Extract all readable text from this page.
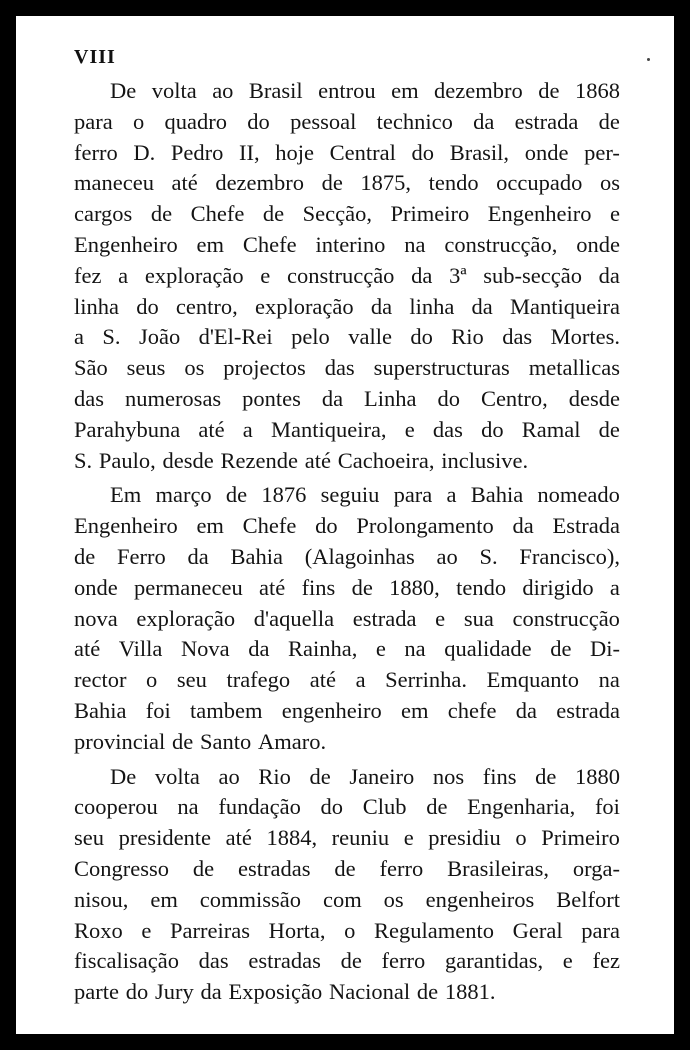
VIII
De volta ao Brasil entrou em dezembro de 1868
para o quadro do pessoal technico da estrada de
ferro D. Pedro II, hoje Central do Brasil, onde per-
maneceu até dezembro de 1875, tendo occupado os
cargos de Chefe de Secção, Primeiro Engenheiro e
Engenheiro em Chefe interino na construcção, onde
fez a exploração e construcção da 3ª sub-secção da
linha do centro, exploração da linha da Mantiqueira
a S. João d'El-Rei pelo valle do Rio das Mortes.
São seus os projectos das superstructuras metallicas
das numerosas pontes da Linha do Centro, desde
Parahybuna até a Mantiqueira, e das do Ramal de
S. Paulo, desde Rezende até Cachoeira, inclusive.
Em março de 1876 seguiu para a Bahia nomeado
Engenheiro em Chefe do Prolongamento da Estrada
de Ferro da Bahia (Alagoinhas ao S. Francisco),
onde permaneceu até fins de 1880, tendo dirigido a
nova exploração d'aquella estrada e sua construcção
até Villa Nova da Rainha, e na qualidade de Di-
rector o seu trafego até a Serrinha. Emquanto na
Bahia foi tambem engenheiro em chefe da estrada
provincial de Santo Amaro.
De volta ao Rio de Janeiro nos fins de 1880
cooperou na fundação do Club de Engenharia, foi
seu presidente até 1884, reuniu e presidiu o Primeiro
Congresso de estradas de ferro Brasileiras, orga-
nisou, em commissão com os engenheiros Belfort
Roxo e Parreiras Horta, o Regulamento Geral para
fiscalisação das estradas de ferro garantidas, e fez
parte do Jury da Exposição Nacional de 1881.
